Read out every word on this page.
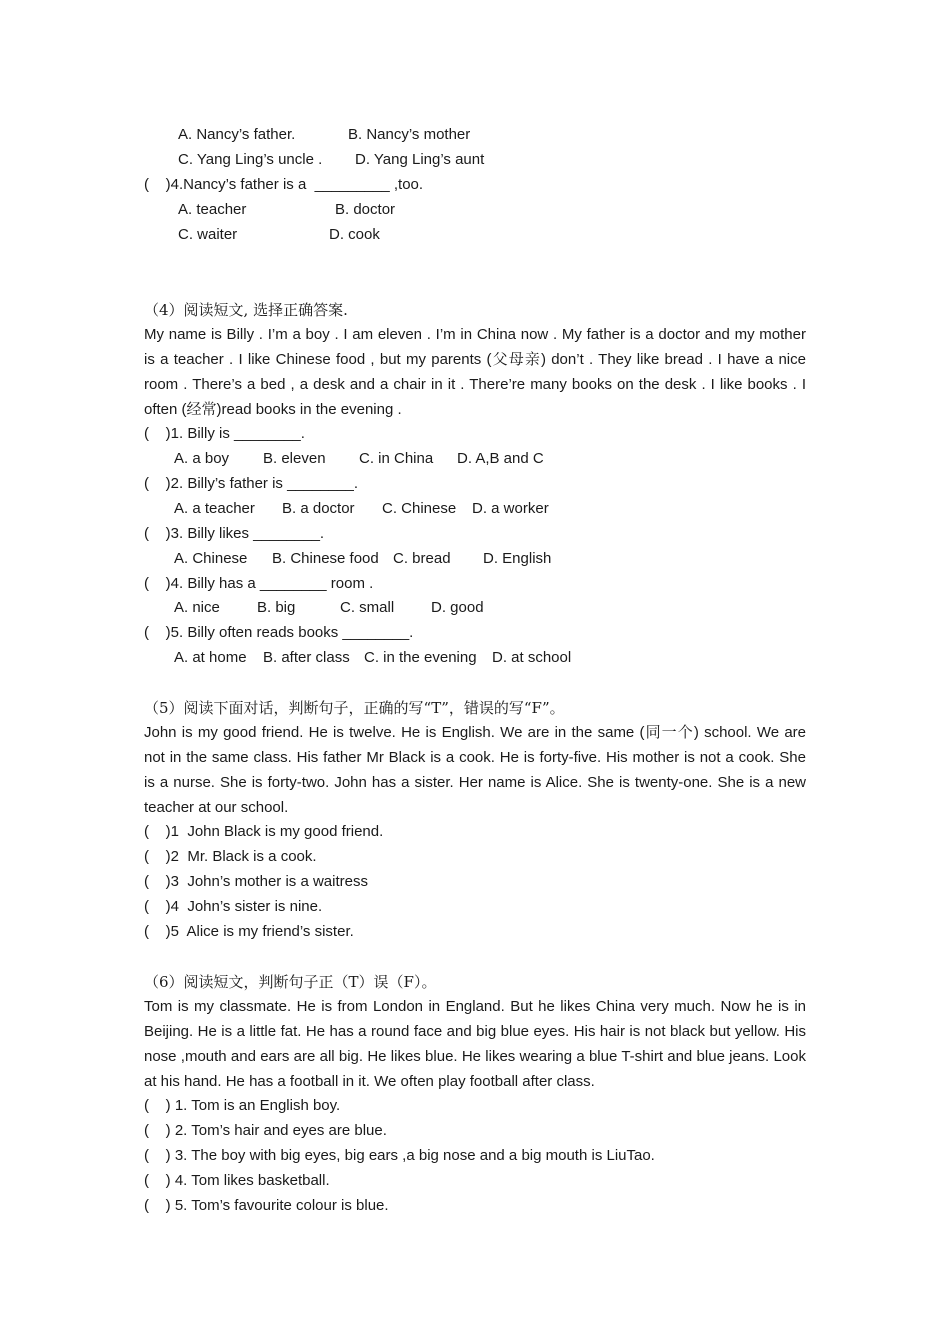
A. Nancy’s father.	B. Nancy’s mother
C. Yang Ling’s uncle . D. Yang Ling’s aunt
(    )4.Nancy’s father is a  _________ ,too.
A. teacher	B. doctor
C. waiter	D. cook
（4）阅读短文, 选择正确答案.
My name is Billy . I’m a boy . I am eleven . I’m in China now . My father is a doctor and my mother is a teacher . I like Chinese food , but my parents (父母亲) don’t . They like bread . I have a nice room . There’s a bed , a desk and a chair in it . There’re many books on the desk . I like books . I often (经常)read books in the evening .
(    )1. Billy is ________.
A. a boy B. eleven C. in China D. A,B and C
(    )2. Billy’s father is ________.
A. a teacher B. a doctor C. Chinese D. a worker
(    )3. Billy likes ________.
A. Chinese B. Chinese food C. bread D. English
(    )4. Billy has a ________ room .
A. nice B. big	C. small D. good
(    )5. Billy often reads books ________.
A. at home B. after class C. in the evening D. at school
（5）阅读下面对话，判断句子，正确的写“T”，错误的写“F”。
John is my good friend. He is twelve. He is English. We are in the same (同一个) school. We are not in the same class. His father Mr Black is a cook. He is forty-five. His mother is not a cook. She is a nurse. She is forty-two. John has a sister. Her name is Alice. She is twenty-one. She is a new teacher at our school.
(    )1  John Black is my good friend.
(    )2  Mr. Black is a cook.
(    )3  John’s mother is a waitress
(    )4  John’s sister is nine.
(    )5  Alice is my friend’s sister.
（6）阅读短文，判断句子正（T）误（F）。
Tom is my classmate. He is from London in England. But he likes China very much. Now he is in Beijing. He is a little fat. He has a round face and big blue eyes. His hair is not black but yellow. His nose ,mouth and ears are all big. He likes blue. He likes wearing a blue T-shirt and blue jeans. Look at his hand. He has a football in it. We often play football after class.
(    ) 1. Tom is an English boy.
(    ) 2. Tom’s hair and eyes are blue.
(    ) 3. The boy with big eyes, big ears ,a big nose and a big mouth is LiuTao.
(    ) 4. Tom likes basketball.
(    ) 5. Tom’s favourite colour is blue.
